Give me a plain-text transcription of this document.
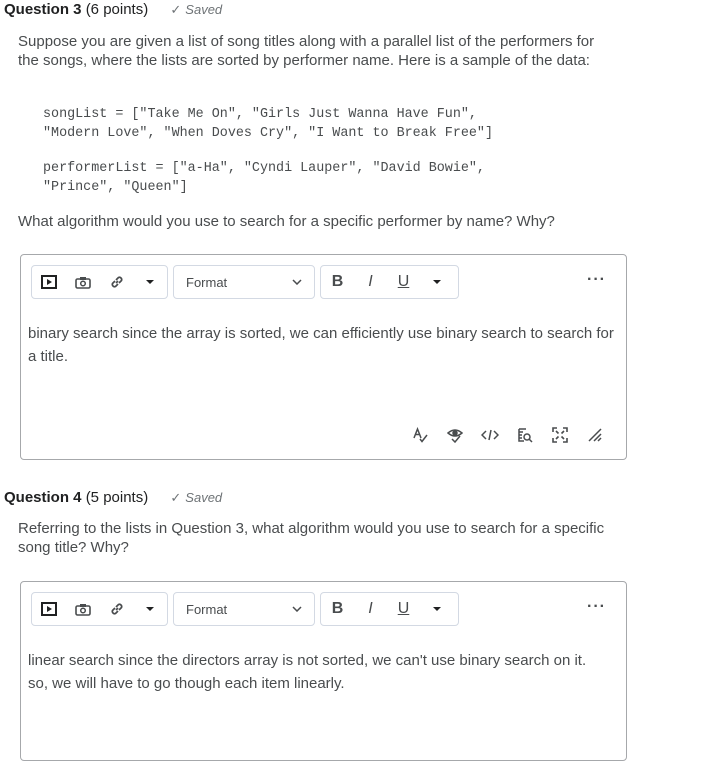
Question 3 (6 points) ✓ Saved
Suppose you are given a list of song titles along with a parallel list of the performers for the songs, where the lists are sorted by performer name. Here is a sample of the data:
songList = ["Take Me On", "Girls Just Wanna Have Fun",
"Modern Love", "When Doves Cry", "I Want to Break Free"]
performerList = ["a-Ha", "Cyndi Lauper", "David Bowie",
"Prince", "Queen"]
What algorithm would you use to search for a specific performer by name? Why?
Format	B	I	U	···
binary search since the array is sorted, we can efficiently use binary search to search for a title.
Question 4 (5 points) ✓ Saved
Referring to the lists in Question 3, what algorithm would you use to search for a specific song title? Why?
Format	B	I	U	···
linear search since the directors array is not sorted, we can't use binary search on it.
so, we will have to go though each item linearly.
